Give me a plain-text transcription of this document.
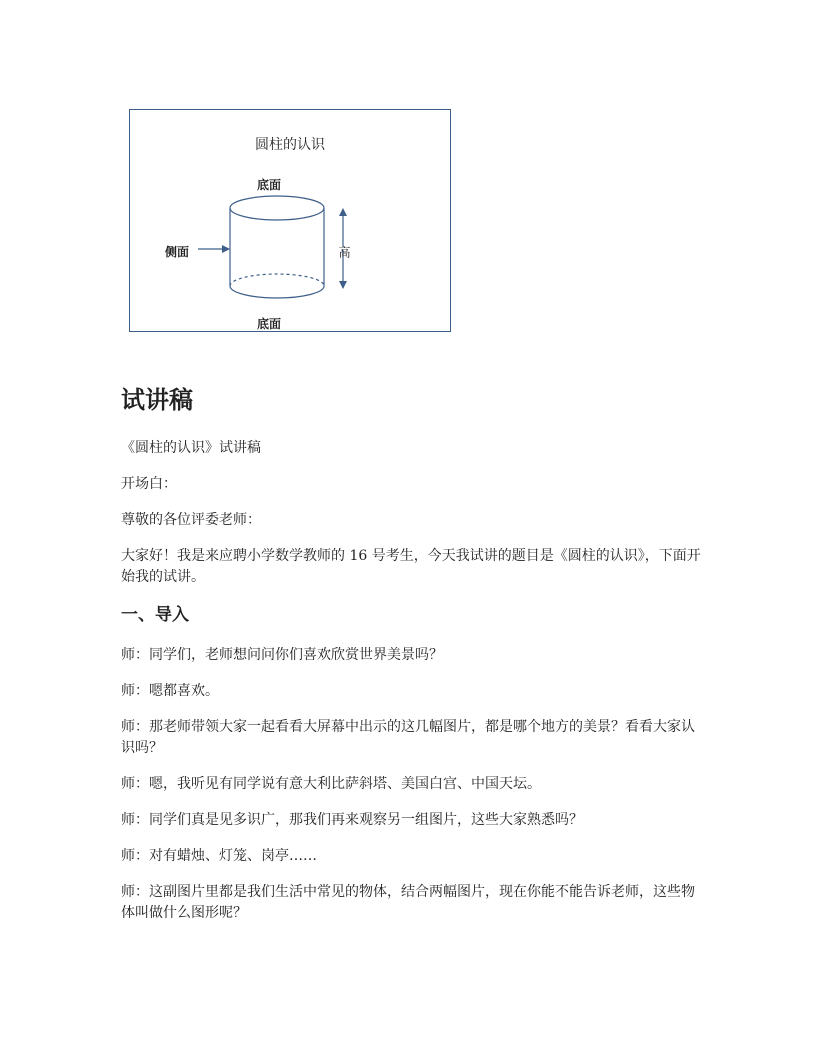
圆柱的认识
底面
底面
侧面	高
试讲稿

《圆柱的认识》试讲稿

开场白：

尊敬的各位评委老师：

大家好！我是来应聘小学数学教师的 16 号考生，今天我试讲的题目是《圆柱的认识》，下面开始我的试讲。

一、导入

师：同学们，老师想问问你们喜欢欣赏世界美景吗？

师：嗯都喜欢。

师：那老师带领大家一起看看大屏幕中出示的这几幅图片，都是哪个地方的美景？看看大家认识吗？

师：嗯，我听见有同学说有意大利比萨斜塔、美国白宫、中国天坛。

师：同学们真是见多识广，那我们再来观察另一组图片，这些大家熟悉吗？

师：对有蜡烛、灯笼、岗亭……

师：这副图片里都是我们生活中常见的物体，结合两幅图片，现在你能不能告诉老师，这些物体叫做什么图形呢？
